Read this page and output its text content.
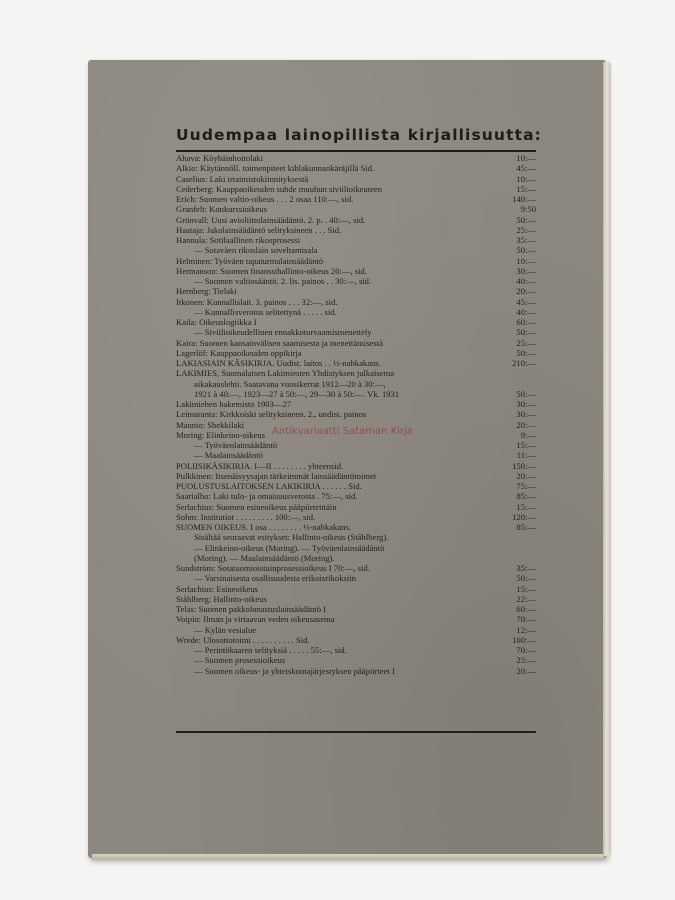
Uudempaa lainopillista kirjallisuutta:
Ahava: Köyhäinhoitolaki	10:—
Alkio: Käytännöll. toimenpiteet kihlakunnankäräjillä Sid.	45:—
Caselius: Laki irtaimistokiinnityksestä	10:—
Cederberg: Kauppaoikeuden suhde muuhun siviilioikeuteen	15:—
Erich: Suomen valtio-oikeus . . . 2 osaa 110:—, sid.	140:—
Granfelt: Konkurssioikeus	9:50
Grönvall: Uusi avioliittolainsäädäntö. 2. p. . 40:—, sid.	50:—
Haataja: Jakolainsäädäntö selityksineen . . . Sid.	25:—
Hannula: Sotilaallinen rikosprosessi	35:—
— Sotaväen rikoslain soveltamisala	50:—
Helminen: Työväen tapaturmalainsäädäntö	10:—
Hermanson: Suomen finanssihallinto-oikeus 20:—, sid.	30:—
— Suomen valtiosääntö. 2. lis. painos . . 30:—, sid.	40:—
Hernberg: Tielaki	20:—
Itkonen: Kunnallislait. 3. painos . . . 32:—, sid.	45:—
— Kunnallisverotus selitettynä . . . . . sid.	40:—
Kaila: Oikeuslogiikka I	60:—
— Siviilioikeudellinen ennakkoturvaamismenettely	50:—
Kaira: Suomen kansainvälisen saamisesta ja menettämisestä	25:—
Lagerlöf: Kauppaoikeuden oppikirja	50:—
LAKIASIAIN KÄSIKIRJA. Uudist. laitos . . ½-nahkakans.	210:—
LAKIMIES, Suomalaisen Lakimiesten Yhdistyksen julkaisema
aikakauslehti. Saatavana vuosikerrat 1912—20 à 30:—,
1921 à 40:—, 1923—27 à 50:—, 29—30 à 50:—. Vk. 1931	50:—
Lakimiehen hakemisto 1903—27	30:—
Leimaranta: Kirkkoiski selityksineen. 2., undist. painos	30:—
Mannio: Shekkilaki	20:—
Moring: Elinkeino-oikeus	9:—
— Työväenlainsäädäntö	15:—
— Maalainsäädäntö	11:—
POLIISIKÄSIKIRJA. I—II . . . . . . . . yhteensid.	150:—
Pulkkinen: Itsenäisyysajan tärkeimmät lainsäädäntötoimet	20:—
PUOLUSTUSLAITOKSEN LAKIKIRJA . . . . . . Sid.	75:—
Saarialho: Laki tulo- ja omaisuusverosta . 75:—, sid.	85:—
Serlachius: Suomen esineoikeus pääpiirteittäin	15:—
Sohm: Institutiot . . . . . . . . . 100:—, sid.	120:—
SUOMEN OIKEUS. I osa . . . . . . . . ½-nahkakans.	85:—
Sisältää seuraavat esitykset: Hallinto-oikeus (Ståhlberg).
— Elinkeino-oikeus (Moring). — Työväenlainsäädäntö
(Moring). — Maalainsäädäntö (Moring).
Sundström: Sotatuomioistuinprosessioikeus I 70:—, sid.	35:—
— Varsinaisesta osallisuudesta erikoisrikoksiin	50:—
Serlachius: Esineoikeus	15:—
Ståhlberg: Hallinto-oikeus	22:—
Telas: Suomen pakkolunastuslainsäädäntö I	60:—
Voipio: Ilman ja virtaavan veden oikeusasema	70:—
— Kylän vesialue	12:—
Wrede: Ulosottotoimi . . . . . . . . . . Sid.	100:—
— Perintökaaren selityksiä . . . . . 55:—, sid.	70:—
— Suomen prosessioikeus	25:—
— Suomen oikeus- ja yhteiskuntajärjestyksen pääpiirteet I	20:—
Antikvariaatti Sataman Kirja
